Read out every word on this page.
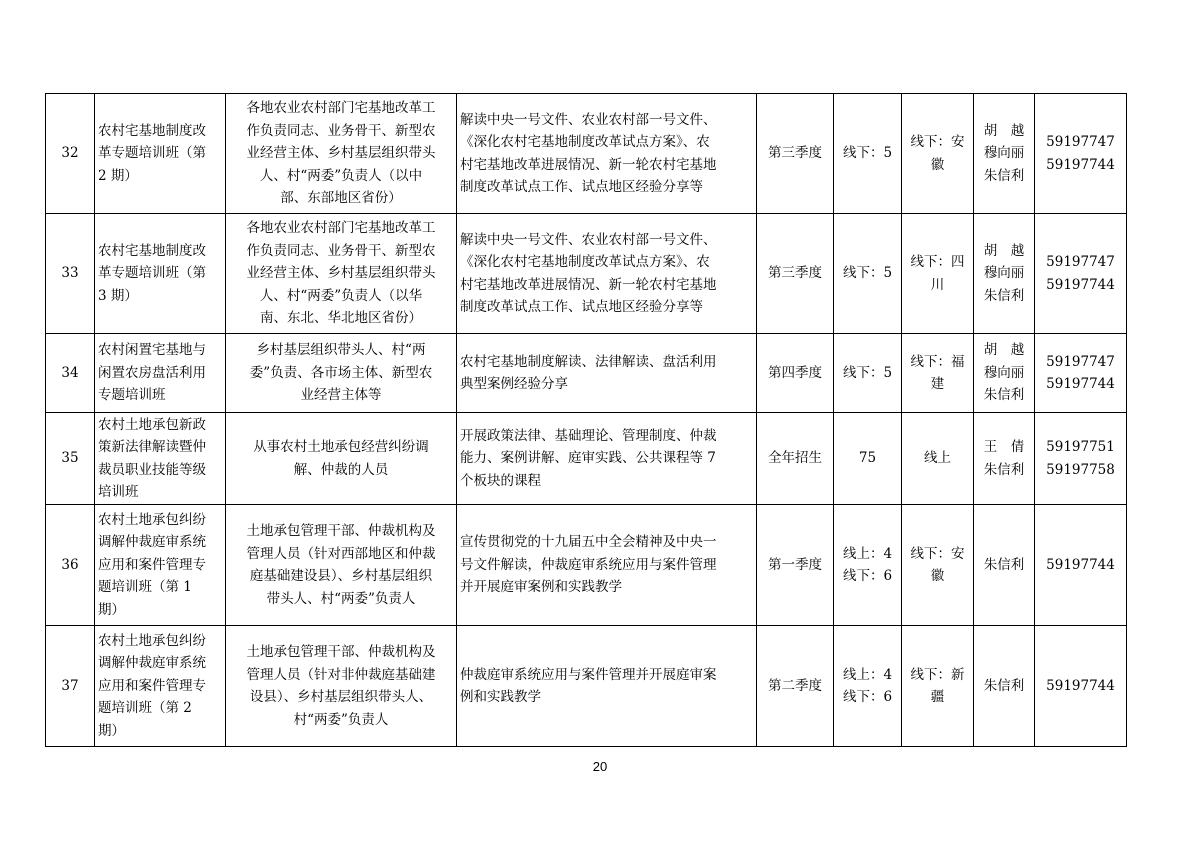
32	农村宅基地制度改
革专题培训班（第
2 期）	各地农业农村部门宅基地改革工
作负责同志、业务骨干、新型农
业经营主体、乡村基层组织带头
人、村“两委”负责人（以中
部、东部地区省份）	解读中央一号文件、农业农村部一号文件、
《深化农村宅基地制度改革试点方案》、农
村宅基地改革进展情况、新一轮农村宅基地
制度改革试点工作、试点地区经验分享等	第三季度	线下：5	线下：安
徽	胡　越
穆向丽
朱信利	59197747
59197744

33	农村宅基地制度改
革专题培训班（第
3 期）	各地农业农村部门宅基地改革工
作负责同志、业务骨干、新型农
业经营主体、乡村基层组织带头
人、村“两委”负责人（以华
南、东北、华北地区省份）	解读中央一号文件、农业农村部一号文件、
《深化农村宅基地制度改革试点方案》、农
村宅基地改革进展情况、新一轮农村宅基地
制度改革试点工作、试点地区经验分享等	第三季度	线下：5	线下：四
川	胡　越
穆向丽
朱信利	59197747
59197744

34	农村闲置宅基地与
闲置农房盘活利用
专题培训班	乡村基层组织带头人、村“两
委”负责、各市场主体、新型农
业经营主体等	农村宅基地制度解读、法律解读、盘活利用
典型案例经验分享	第四季度	线下：5	线下：福
建	胡　越
穆向丽
朱信利	59197747
59197744

35	农村土地承包新政
策新法律解读暨仲
裁员职业技能等级
培训班	从事农村土地承包经营纠纷调
解、仲裁的人员	开展政策法律、基础理论、管理制度、仲裁
能力、案例讲解、庭审实践、公共课程等 7
个板块的课程	全年招生	75	线上	王　倩
朱信利	59197751
59197758

36	农村土地承包纠纷
调解仲裁庭审系统
应用和案件管理专
题培训班（第 1
期）	土地承包管理干部、仲裁机构及
管理人员（针对西部地区和仲裁
庭基础建设县）、乡村基层组织
带头人、村“两委”负责人	宣传贯彻党的十九届五中全会精神及中央一
号文件解读，仲裁庭审系统应用与案件管理
并开展庭审案例和实践教学	第一季度	线上：4
线下：6	线下：安
徽	朱信利	59197744

37	农村土地承包纠纷
调解仲裁庭审系统
应用和案件管理专
题培训班（第 2
期）	土地承包管理干部、仲裁机构及
管理人员（针对非仲裁庭基础建
设县）、乡村基层组织带头人、
村“两委”负责人	仲裁庭审系统应用与案件管理并开展庭审案
例和实践教学	第二季度	线上：4
线下：6	线下：新
疆	朱信利	59197744
20
